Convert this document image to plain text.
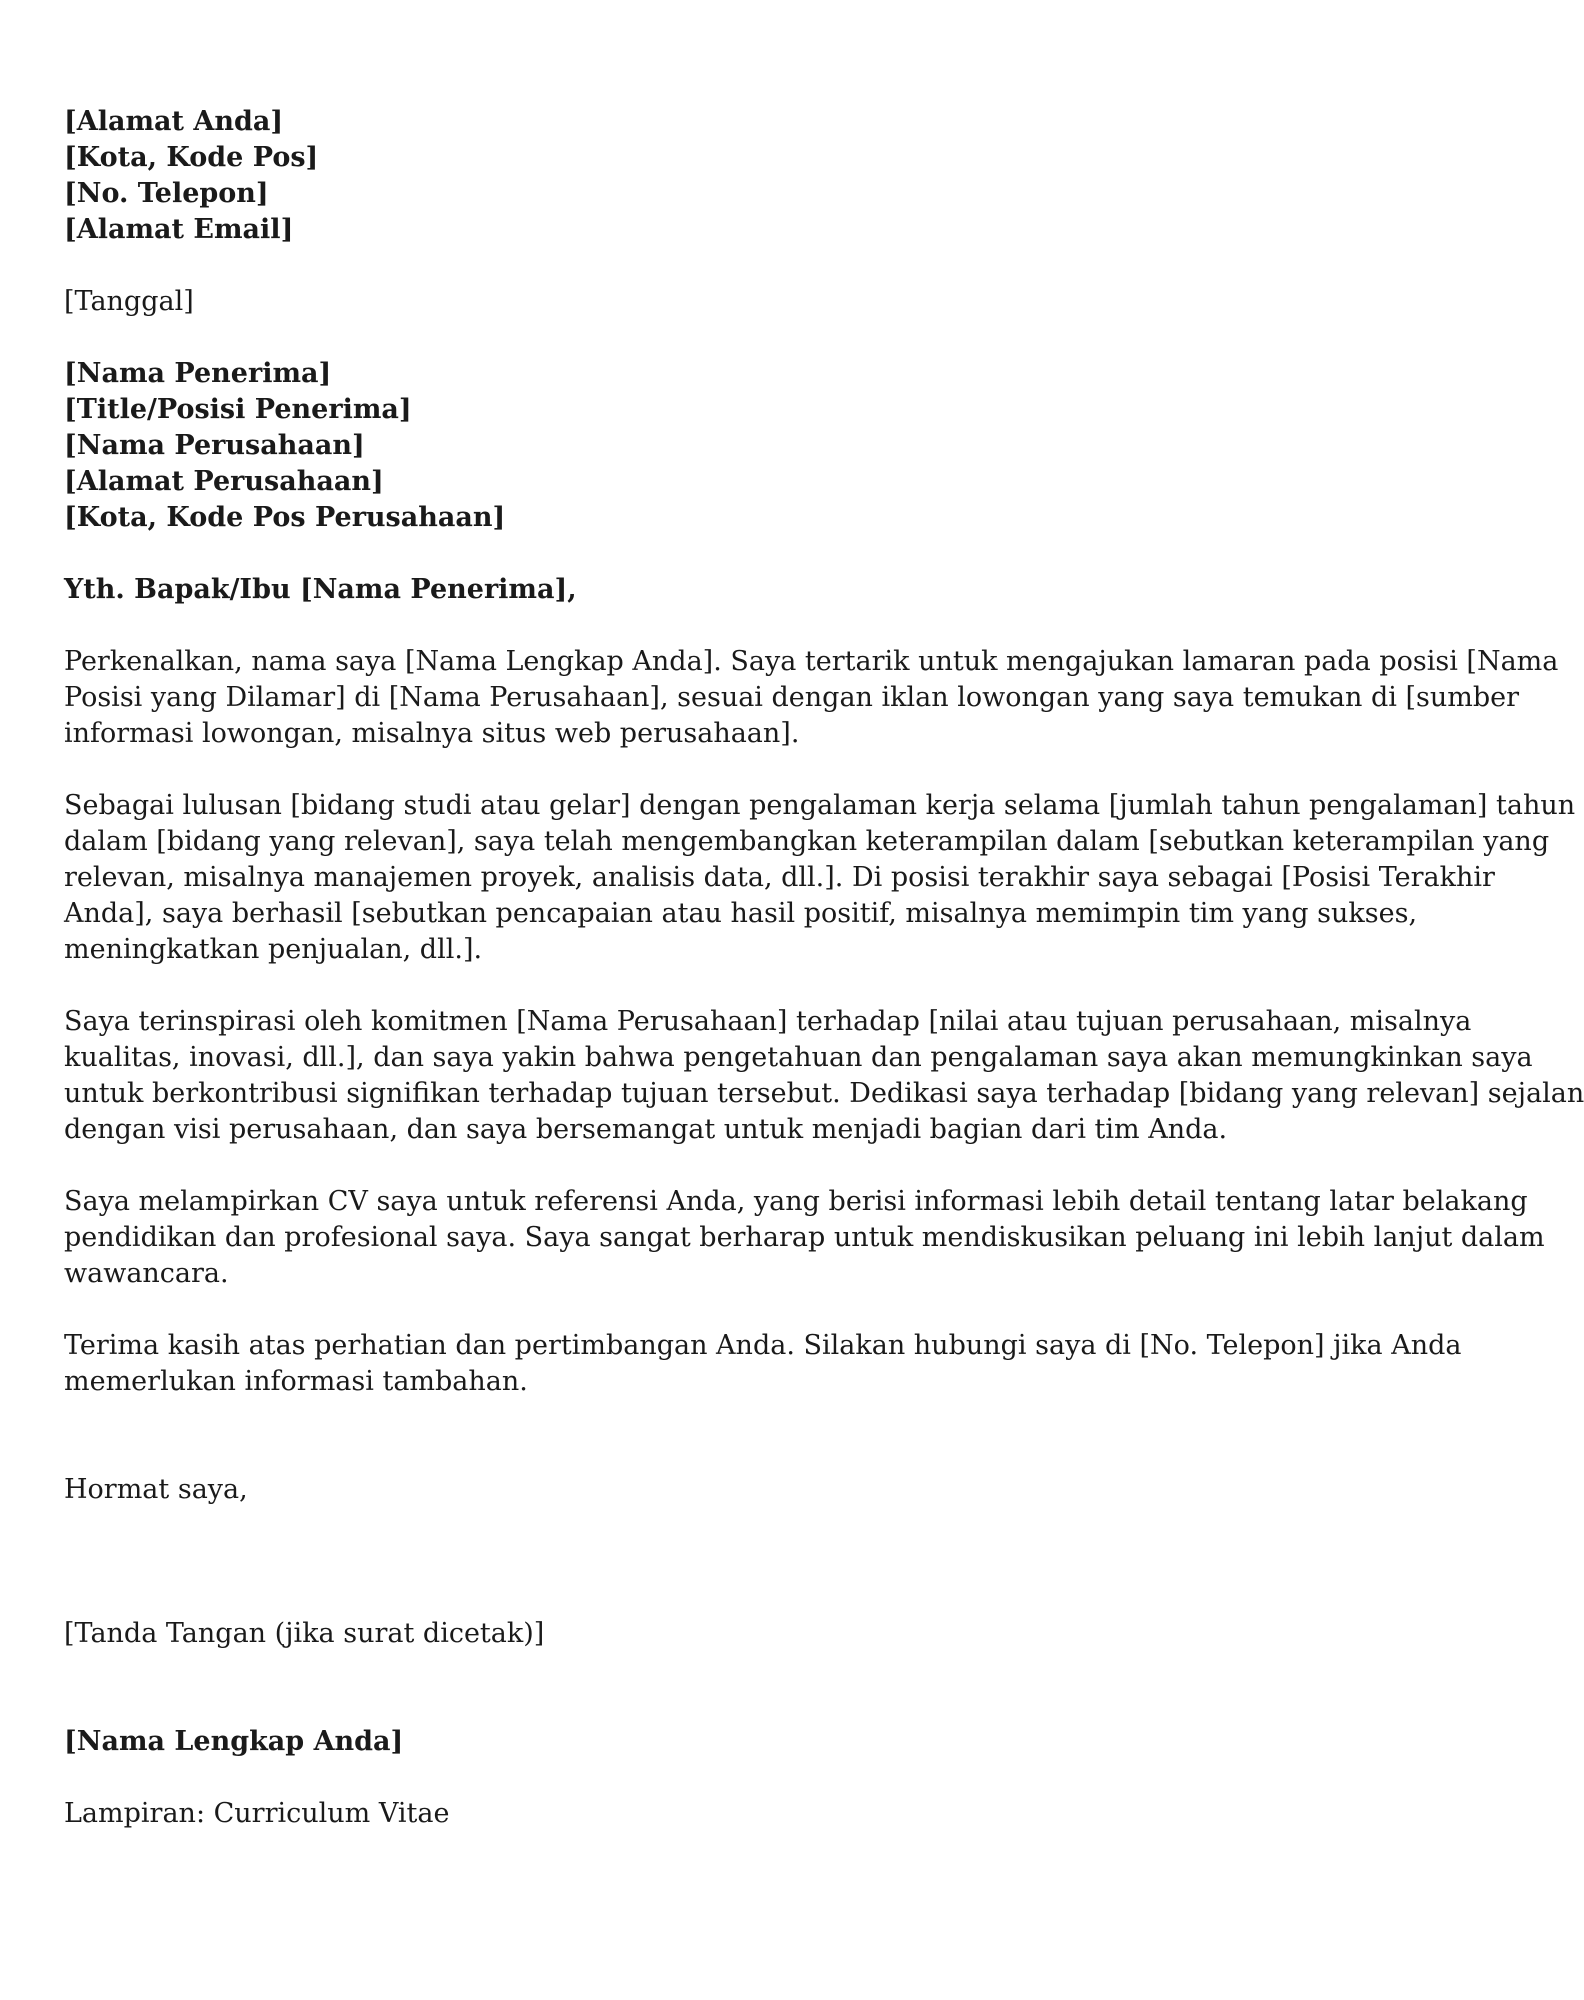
[Alamat Anda]
[Kota, Kode Pos]
[No. Telepon]
[Alamat Email]
[Tanggal]
[Nama Penerima]
[Title/Posisi Penerima]
[Nama Perusahaan]
[Alamat Perusahaan]
[Kota, Kode Pos Perusahaan]
Yth. Bapak/Ibu [Nama Penerima],
Perkenalkan, nama saya [Nama Lengkap Anda]. Saya tertarik untuk mengajukan lamaran pada posisi [Nama
Posisi yang Dilamar] di [Nama Perusahaan], sesuai dengan iklan lowongan yang saya temukan di [sumber
informasi lowongan, misalnya situs web perusahaan].
Sebagai lulusan [bidang studi atau gelar] dengan pengalaman kerja selama [jumlah tahun pengalaman] tahun
dalam [bidang yang relevan], saya telah mengembangkan keterampilan dalam [sebutkan keterampilan yang
relevan, misalnya manajemen proyek, analisis data, dll.]. Di posisi terakhir saya sebagai [Posisi Terakhir
Anda], saya berhasil [sebutkan pencapaian atau hasil positif, misalnya memimpin tim yang sukses,
meningkatkan penjualan, dll.].
Saya terinspirasi oleh komitmen [Nama Perusahaan] terhadap [nilai atau tujuan perusahaan, misalnya
kualitas, inovasi, dll.], dan saya yakin bahwa pengetahuan dan pengalaman saya akan memungkinkan saya
untuk berkontribusi signifikan terhadap tujuan tersebut. Dedikasi saya terhadap [bidang yang relevan] sejalan
dengan visi perusahaan, dan saya bersemangat untuk menjadi bagian dari tim Anda.
Saya melampirkan CV saya untuk referensi Anda, yang berisi informasi lebih detail tentang latar belakang
pendidikan dan profesional saya. Saya sangat berharap untuk mendiskusikan peluang ini lebih lanjut dalam
wawancara.
Terima kasih atas perhatian dan pertimbangan Anda. Silakan hubungi saya di [No. Telepon] jika Anda
memerlukan informasi tambahan.
Hormat saya,
[Tanda Tangan (jika surat dicetak)]
[Nama Lengkap Anda]
Lampiran: Curriculum Vitae
